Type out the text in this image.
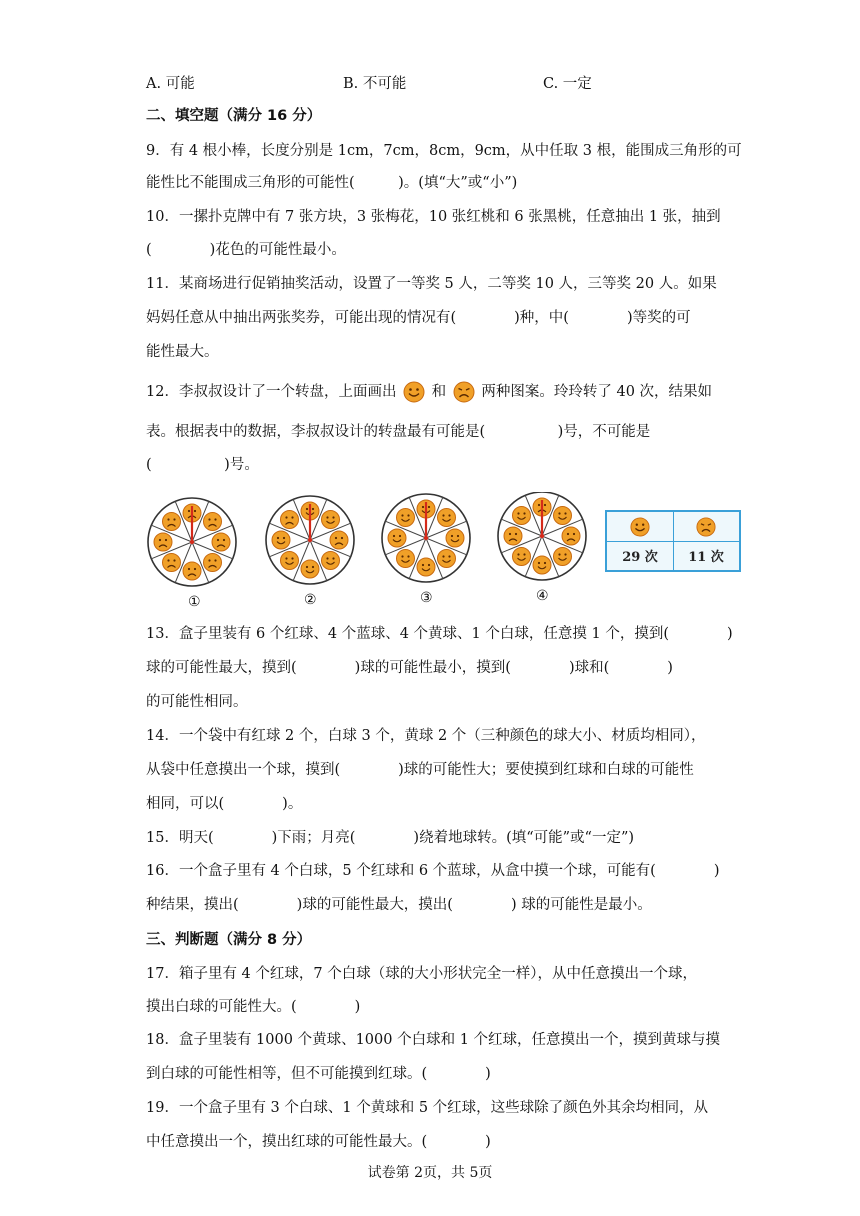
A. 可能	B. 不可能	C. 一定
二、填空题（满分 16 分）
9．有 4 根小棒，长度分别是 1cm，7cm，8cm，9cm，从中任取 3 根，能围成三角形的可
能性比不能围成三角形的可能性(　　　)。(填“大”或“小”)
10．一摞扑克牌中有 7 张方块，3 张梅花，10 张红桃和 6 张黑桃，任意抽出 1 张，抽到
(　　　　)花色的可能性最小。
11．某商场进行促销抽奖活动，设置了一等奖 5 人，二等奖 10 人，三等奖 20 人。如果
妈妈任意从中抽出两张奖券，可能出现的情况有(　　　　)种，中(　　　　)等奖的可
能性最大。
12．李叔叔设计了一个转盘，上面画出 和 两种图案。玲玲转了 40 次，结果如
表。根据表中的数据，李叔叔设计的转盘最有可能是(　　　　　)号，不可能是
(　　　　　)号。
①	②	③	④
29 次	11 次
13．盒子里装有 6 个红球、4 个蓝球、4 个黄球、1 个白球，任意摸 1 个，摸到(　　　　)
球的可能性最大，摸到(　　　　)球的可能性最小，摸到(　　　　)球和(　　　　)
的可能性相同。
14．一个袋中有红球 2 个，白球 3 个，黄球 2 个（三种颜色的球大小、材质均相同），
从袋中任意摸出一个球，摸到(　　　　)球的可能性大；要使摸到红球和白球的可能性
相同，可以(　　　　)。
15．明天(　　　　)下雨；月亮(　　　　)绕着地球转。(填“可能”或“一定”)
16．一个盒子里有 4 个白球，5 个红球和 6 个蓝球，从盒中摸一个球，可能有(　　　　)
种结果，摸出(　　　　)球的可能性最大，摸出(　　　　) 球的可能性是最小。
三、判断题（满分 8 分）
17．箱子里有 4 个红球，7 个白球（球的大小形状完全一样），从中任意摸出一个球，
摸出白球的可能性大。(　　　　)
18．盒子里装有 1000 个黄球、1000 个白球和 1 个红球，任意摸出一个，摸到黄球与摸
到白球的可能性相等，但不可能摸到红球。(　　　　)
19．一个盒子里有 3 个白球、1 个黄球和 5 个红球，这些球除了颜色外其余均相同，从
中任意摸出一个，摸出红球的可能性最大。(　　　　)
试卷第 2页，共 5页
